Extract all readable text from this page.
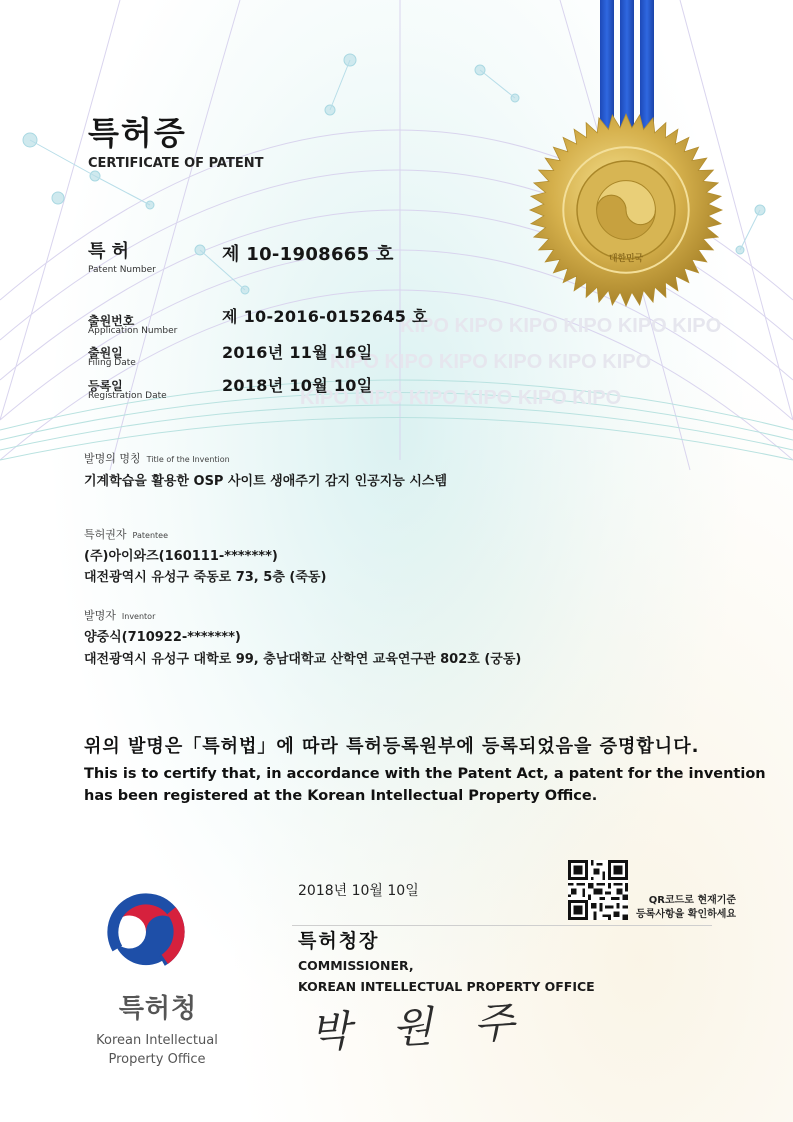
KIPO KIPO KIPO KIPO KIPO KIPO
KIPO KIPO KIPO KIPO KIPO KIPO
KIPO KIPO KIPO KIPO KIPO KIPO
대한민국
특허증
CERTIFICATE OF PATENT
특 허
Patent Number
제 10-1908665 호
출원번호
Application Number
제 10-2016-0152645 호
출원일
Filing Date
2016년 11월 16일
등록일
Registration Date
2018년 10월 10일
발명의 명칭 Title of the Invention
기계학습을 활용한 OSP 사이트 생애주기 감지 인공지능 시스템
특허권자 Patentee
(주)아이와즈(160111-*******)
대전광역시 유성구 죽동로 73, 5층 (죽동)
발명자 Inventor
양중식(710922-*******)
대전광역시 유성구 대학로 99, 충남대학교 산학연 교육연구관 802호 (궁동)
위의 발명은「특허법」에 따라 특허등록원부에 등록되었음을 증명합니다.
This is to certify that, in accordance with the Patent Act, a patent for the invention
has been registered at the Korean Intellectual Property Office.
2018년 10월 10일
특허청장
COMMISSIONER,
KOREAN INTELLECTUAL PROPERTY OFFICE
박 원 주
QR코드로 현재기준
등록사항을 확인하세요
특허청
Korean Intellectual
Property Office
